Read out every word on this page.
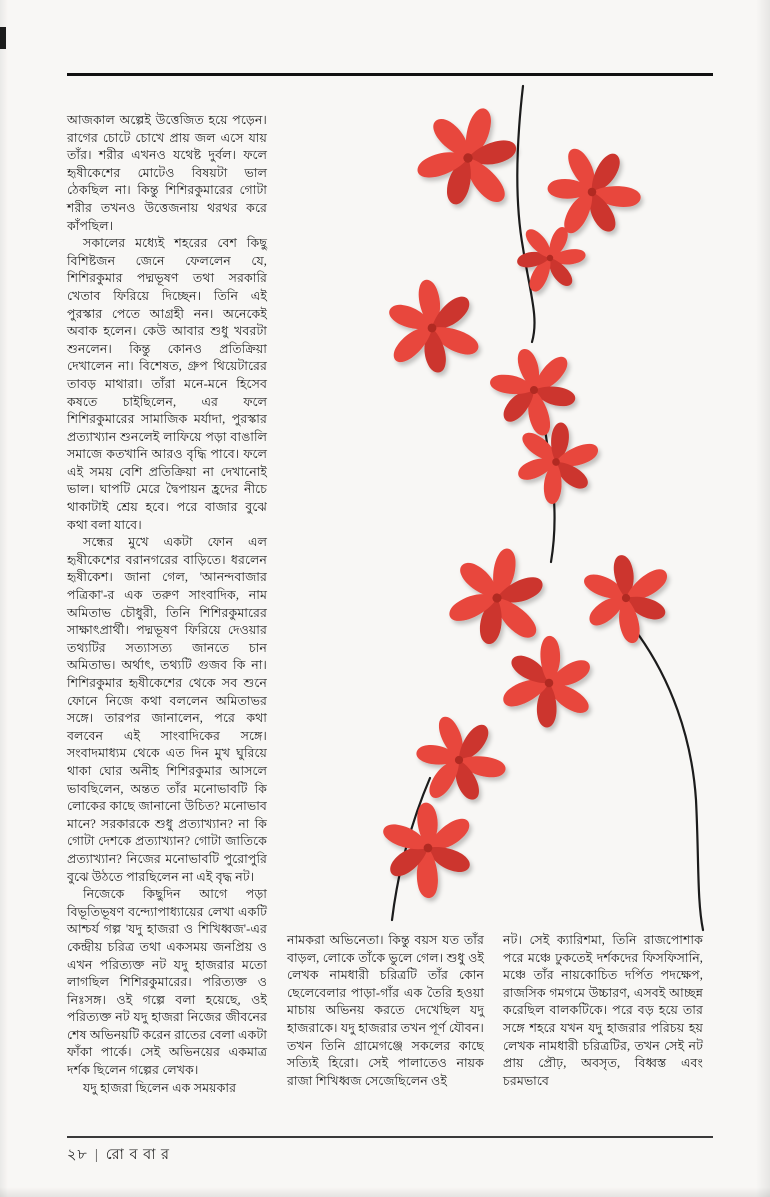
আজকাল অল্পেই উত্তেজিত হয়ে পড়েন। রাগের চোটে চোখে প্রায় জল এসে যায় তাঁর। শরীর এখনও যথেষ্ট দুর্বল। ফলে হৃষীকেশের মোটেও বিষয়টা ভাল ঠেকছিল না। কিন্তু শিশিরকুমারের গোটা শরীর তখনও উত্তেজনায় থরথর করে কাঁপছিল।

সকালের মধ্যেই শহরের বেশ কিছু বিশিষ্টজন জেনে ফেললেন যে, শিশিরকুমার পদ্মভূষণ তথা সরকারি খেতাব ফিরিয়ে দিচ্ছেন। তিনি এই পুরস্কার পেতে আগ্রহী নন। অনেকেই অবাক হলেন। কেউ আবার শুধু খবরটা শুনলেন। কিন্তু কোনও প্রতিক্রিয়া দেখালেন না। বিশেষত, গ্রুপ থিয়েটারের তাবড় মাথারা। তাঁরা মনে-মনে হিসেব কষতে চাইছিলেন, এর ফলে শিশিরকুমারের সামাজিক মর্যাদা, পুরস্কার প্রত্যাখ্যান শুনলেই লাফিয়ে পড়া বাঙালি সমাজে কতখানি আরও বৃদ্ধি পাবে। ফলে এই সময় বেশি প্রতিক্রিয়া না দেখানোই ভাল। ঘাপটি মেরে দ্বৈপায়ন হ্রদের নীচে থাকাটাই শ্রেয় হবে। পরে বাজার বুঝে কথা বলা যাবে।

সন্ধের মুখে একটা ফোন এল হৃষীকেশের বরানগরের বাড়িতে। ধরলেন হৃষীকেশ। জানা গেল, 'আনন্দবাজার পত্রিকা'-র এক তরুণ সাংবাদিক, নাম অমিতাভ চৌধুরী, তিনি শিশিরকুমারের সাক্ষাৎপ্রার্থী। পদ্মভূষণ ফিরিয়ে দেওয়ার তথ্যটির সত্যাসত্য জানতে চান অমিতাভ। অর্থাৎ, তথ্যটি গুজব কি না। শিশিরকুমার হৃষীকেশের থেকে সব শুনে ফোনে নিজে কথা বললেন অমিতাভর সঙ্গে। তারপর জানালেন, পরে কথা বলবেন এই সাংবাদিকের সঙ্গে। সংবাদমাধ্যম থেকে এত দিন মুখ ঘুরিয়ে থাকা ঘোর অনীহ শিশিরকুমার আসলে ভাবছিলেন, অন্তত তাঁর মনোভাবটি কি লোকের কাছে জানানো উচিত? মনোভাব মানে? সরকারকে শুধু প্রত্যাখ্যান? না কি গোটা দেশকে প্রত্যাখ্যান? গোটা জাতিকে প্রত্যাখ্যান? নিজের মনোভাবটি পুরোপুরি বুঝে উঠতে পারছিলেন না এই বৃদ্ধ নট।

নিজেকে কিছুদিন আগে পড়া বিভূতিভূষণ বন্দ্যোপাধ্যায়ের লেখা একটি আশ্চর্য গল্প 'যদু হাজরা ও শিখিধ্বজ'-এর কেন্দ্রীয় চরিত্র তথা একসময় জনপ্রিয় ও এখন পরিত্যক্ত নট যদু হাজরার মতো লাগছিল শিশিরকুমারের। পরিত্যক্ত ও নিঃসঙ্গ। ওই গল্পে বলা হয়েছে, ওই পরিত্যক্ত নট যদু হাজরা নিজের জীবনের শেষ অভিনয়টি করেন রাতের বেলা একটা ফাঁকা পার্কে। সেই অভিনয়ের একমাত্র দর্শক ছিলেন গল্পের লেখক।

যদু হাজরা ছিলেন এক সময়কার

নামকরা অভিনেতা। কিন্তু বয়স যত তাঁর বাড়ল, লোকে তাঁকে ভুলে গেল। শুধু ওই লেখক নামধারী চরিত্রটি তাঁর কোন ছেলেবেলার পাড়া-গাঁর এক তৈরি হওয়া মাচায় অভিনয় করতে দেখেছিল যদু হাজরাকে। যদু হাজরার তখন পূর্ণ যৌবন। তখন তিনি গ্রামেগঞ্জে সকলের কাছে সত্যিই হিরো। সেই পালাতেও নায়ক রাজা শিখিধ্বজ সেজেছিলেন ওই

নট। সেই ক্যারিশমা, তিনি রাজপোশাক পরে মঞ্চে ঢুকতেই দর্শকদের ফিসফিসানি, মঞ্চে তাঁর নায়কোচিত দর্পিত পদক্ষেপ, রাজসিক গমগমে উচ্চারণ, এসবই আচ্ছন্ন করেছিল বালকটিকে। পরে বড় হয়ে তার সঙ্গে শহরে যখন যদু হাজরার পরিচয় হয় লেখক নামধারী চরিত্রটির, তখন সেই নট প্রায় প্রৌঢ়, অবসৃত, বিধ্বস্ত এবং চরমভাবে

২৮ | রো ব বা র
